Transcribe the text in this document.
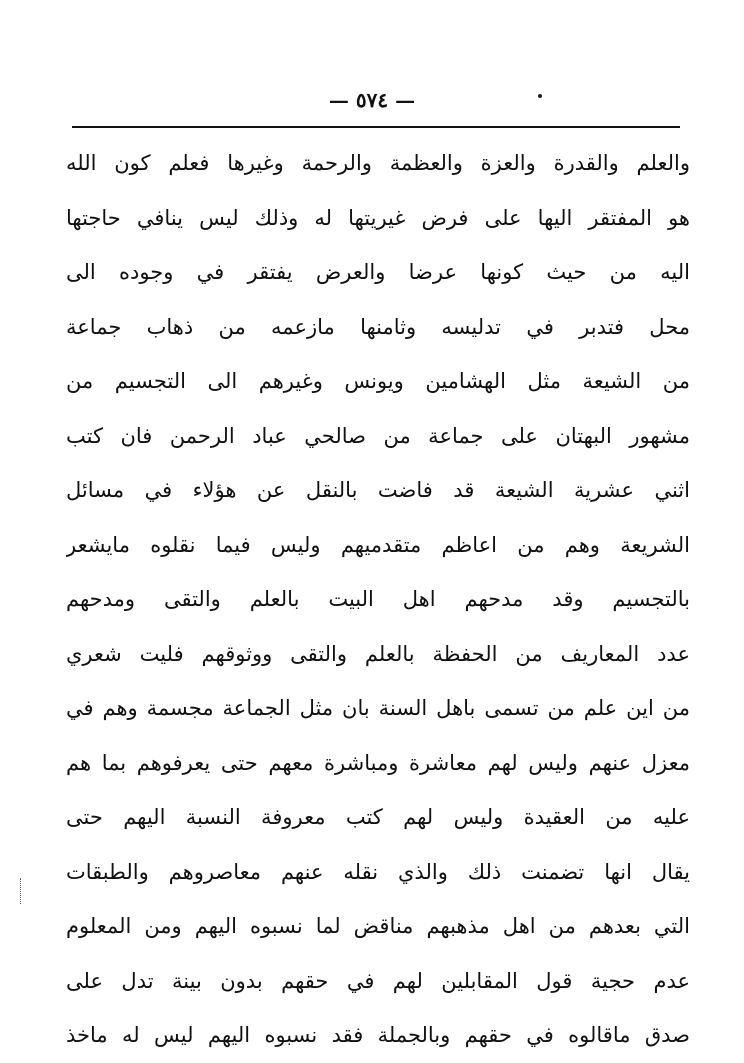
— ٥٧٤ —
والعلم والقدرة والعزة والعظمة والرحمة وغيرها فعلم كون الله
هو المفتقر اليها على فرض غيريتها له وذلك ليس ينافي حاجتها
اليه من حيث كونها عرضا والعرض يفتقر في وجوده الى
محل فتدبر في تدليسه وثامنها مازعمه من ذهاب جماعة
من الشيعة مثل الهشامين ويونس وغيرهم الى التجسيم من
مشهور البهتان على جماعة من صالحي عباد الرحمن فان كتب
اثني عشرية الشيعة قد فاضت بالنقل عن هؤلاء في مسائل
الشريعة وهم من اعاظم متقدميهم وليس فيما نقلوه مايشعر
بالتجسيم وقد مدحهم اهل البيت بالعلم والتقى ومدحهم
عدد المعاريف من الحفظة بالعلم والتقى ووثوقهم فليت شعري
من اين علم من تسمى باهل السنة بان مثل الجماعة مجسمة وهم في
معزل عنهم وليس لهم معاشرة ومباشرة معهم حتى يعرفوهم بما هم
عليه من العقيدة وليس لهم كتب معروفة النسبة اليهم حتى
يقال انها تضمنت ذلك والذي نقله عنهم معاصروهم والطبقات
التي بعدهم من اهل مذهبهم مناقض لما نسبوه اليهم ومن المعلوم
عدم حجية قول المقابلين لهم في حقهم بدون بينة تدل على
صدق ماقالوه في حقهم وبالجملة فقد نسبوه اليهم ليس له ماخذ
